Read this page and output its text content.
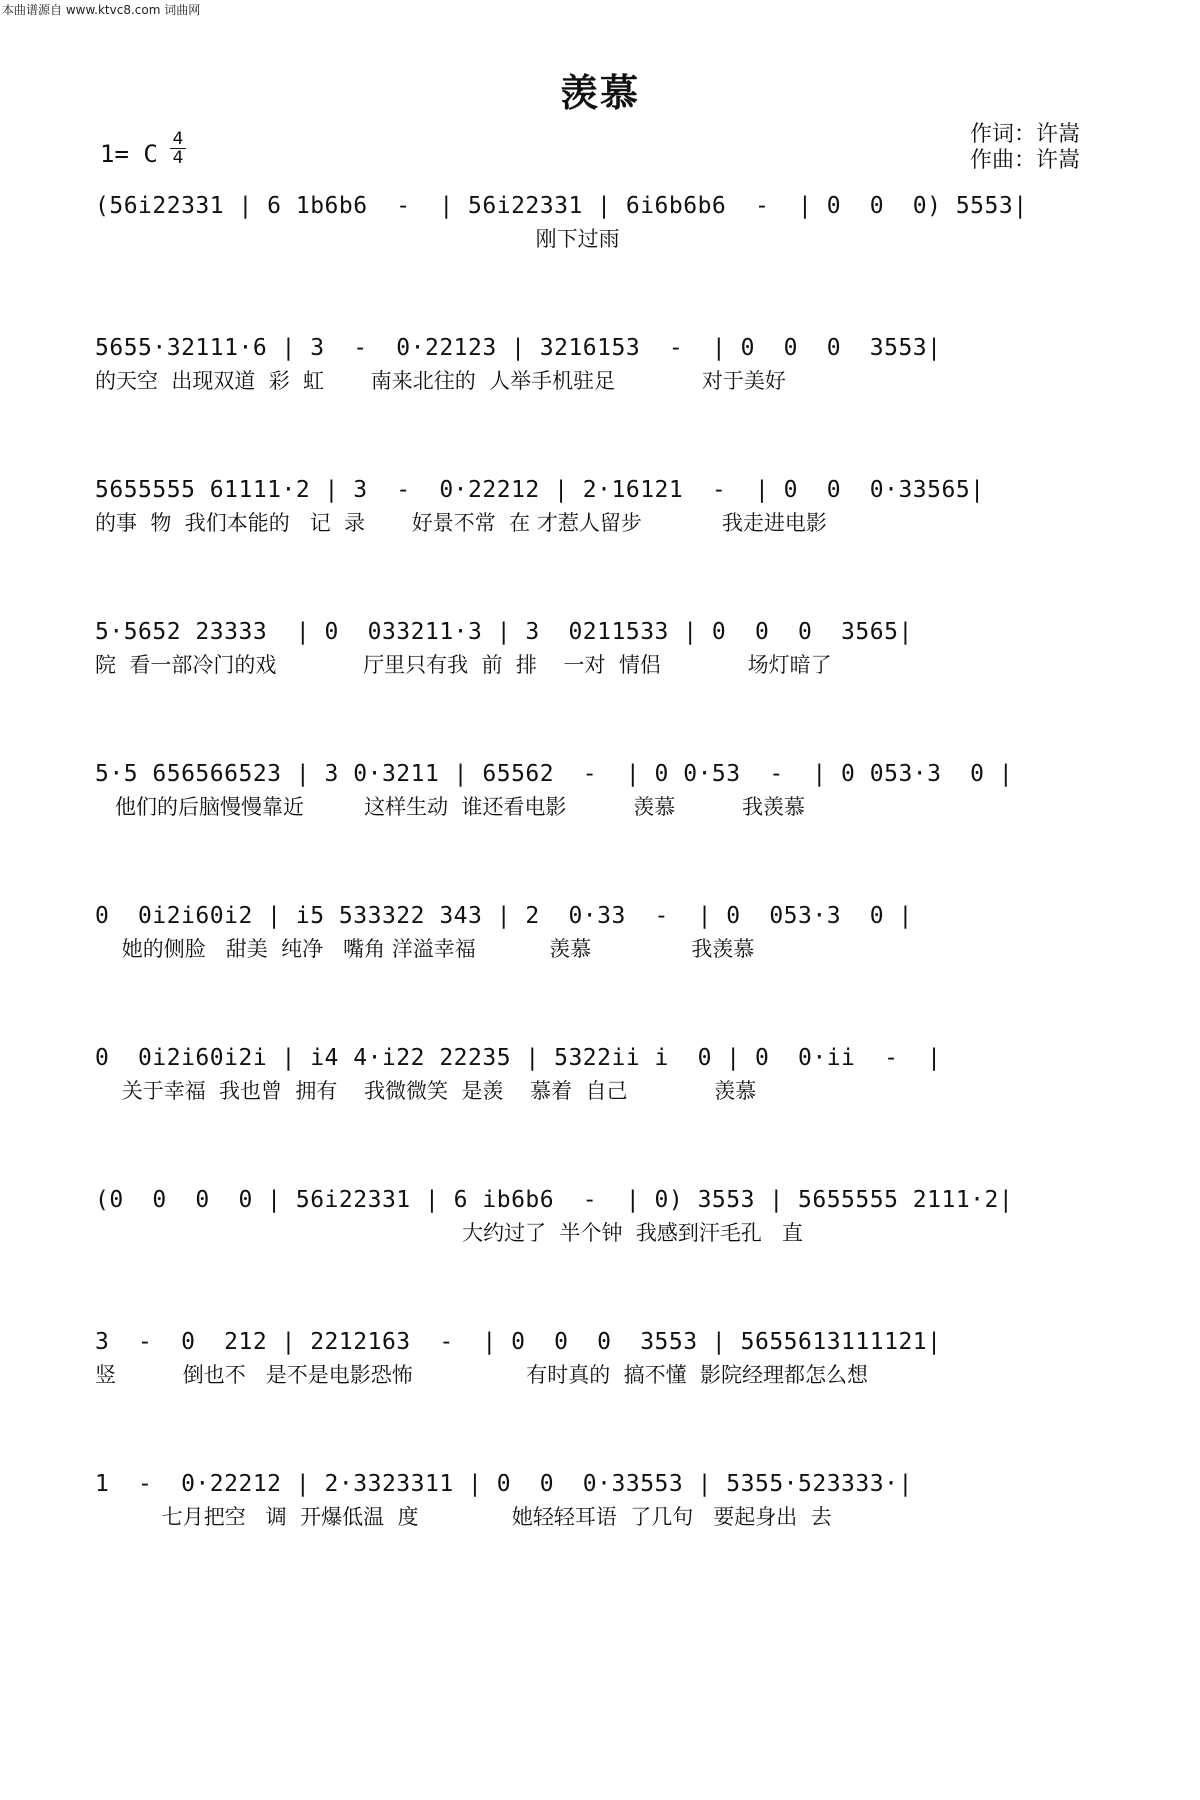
本曲谱源自 www.ktvc8.com 词曲网
羡慕
1= C
4
4
作词：许嵩
作曲：许嵩
(56i22331 | 6 1b6b6  -  | 56i22331 | 6i6b6b6  -  | 0  0  0) 5553|
刚下过雨
5655·32111·6 | 3  -  0·22123 | 3216153  -  | 0  0  0  3553|
的天空  出现双道  彩  虹       南来北往的  人举手机驻足             对于美好
5655555 61111·2 | 3  -  0·22212 | 2·16121  -  | 0  0  0·33565|
的事  物  我们本能的   记  录       好景不常  在 才惹人留步            我走进电影
5·5652 23333  | 0  033211·3 | 3  0211533 | 0  0  0  3565|
院  看一部冷门的戏             厅里只有我  前  排    一对  情侣             场灯暗了
5·5 656566523 | 3 0·3211 | 65562  -  | 0 0·53  -  | 0 053·3  0 |
他们的后脑慢慢靠近         这样生动  谁还看电影          羡慕          我羡慕
0  0i2i60i2 | i5 533322 343 | 2  0·33  -  | 0  053·3  0 |
她的侧脸   甜美  纯净   嘴角 洋溢幸福           羡慕               我羡慕
0  0i2i60i2i | i4 4·i22 22235 | 5322ii i  0 | 0  0·ii  -  |
关于幸福  我也曾  拥有    我微微笑  是羡    慕着  自己             羡慕
(0  0  0  0 | 56i22331 | 6 ib6b6  -  | 0) 3553 | 5655555 2111·2|
大约过了  半个钟  我感到汗毛孔   直
3  -  0  212 | 2212163  -  | 0  0  0  3553 | 5655613111121|
竖          倒也不   是不是电影恐怖                 有时真的  搞不懂  影院经理都怎么想
1  -  0·22212 | 2·3323311 | 0  0  0·33553 | 5355·523333·|
七月把空   调  开爆低温  度              她轻轻耳语  了几句   要起身出  去
